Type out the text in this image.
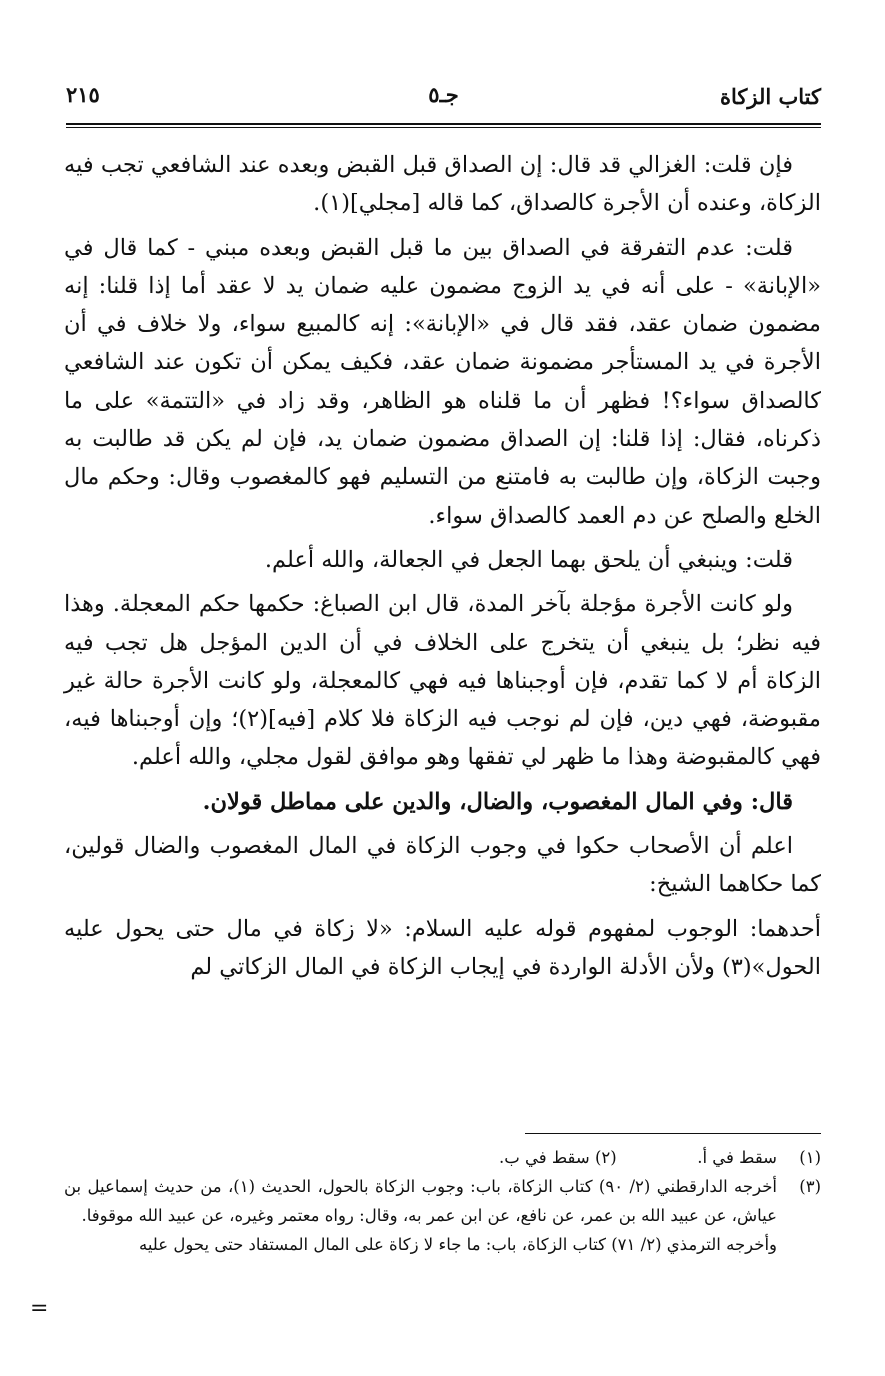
كتاب الزكاة
جـ٥
٢١٥

فإن قلت: الغزالي قد قال: إن الصداق قبل القبض وبعده عند الشافعي تجب فيه الزكاة، وعنده أن الأجرة كالصداق، كما قاله [مجلي](١).

قلت: عدم التفرقة في الصداق بين ما قبل القبض وبعده مبني - كما قال في «الإبانة» - على أنه في يد الزوج مضمون عليه ضمان يد لا عقد أما إذا قلنا: إنه مضمون ضمان عقد، فقد قال في «الإبانة»: إنه كالمبيع سواء، ولا خلاف في أن الأجرة في يد المستأجر مضمونة ضمان عقد، فكيف يمكن أن تكون عند الشافعي كالصداق سواء؟! فظهر أن ما قلناه هو الظاهر، وقد زاد في «التتمة» على ما ذكرناه، فقال: إذا قلنا: إن الصداق مضمون ضمان يد، فإن لم يكن قد طالبت به وجبت الزكاة، وإن طالبت به فامتنع من التسليم فهو كالمغصوب وقال: وحكم مال الخلع والصلح عن دم العمد كالصداق سواء.

قلت: وينبغي أن يلحق بهما الجعل في الجعالة، والله أعلم.

ولو كانت الأجرة مؤجلة بآخر المدة، قال ابن الصباغ: حكمها حكم المعجلة. وهذا فيه نظر؛ بل ينبغي أن يتخرج على الخلاف في أن الدين المؤجل هل تجب فيه الزكاة أم لا كما تقدم، فإن أوجبناها فيه فهي كالمعجلة، ولو كانت الأجرة حالة غير مقبوضة، فهي دين، فإن لم نوجب فيه الزكاة فلا كلام [فيه](٢)؛ وإن أوجبناها فيه، فهي كالمقبوضة وهذا ما ظهر لي تفقها وهو موافق لقول مجلي، والله أعلم.

قال: وفي المال المغصوب، والضال، والدين على مماطل قولان.

اعلم أن الأصحاب حكوا في وجوب الزكاة في المال المغصوب والضال قولين، كما حكاهما الشيخ:

أحدهما: الوجوب لمفهوم قوله عليه السلام: «لا زكاة في مال حتى يحول عليه الحول»(٣) ولأن الأدلة الواردة في إيجاب الزكاة في المال الزكاتي لم

(١)
سقط في أ.  (٢) سقط في ب.
(٣)
أخرجه الدارقطني (٢/ ٩٠) كتاب الزكاة، باب: وجوب الزكاة بالحول، الحديث (١)، من حديث إسماعيل بن عياش، عن عبيد الله بن عمر، عن نافع، عن ابن عمر به، وقال: رواه معتمر وغيره، عن عبيد الله موقوفا.
وأخرجه الترمذي (٢/ ٧١) كتاب الزكاة، باب: ما جاء لا زكاة على المال المستفاد حتى يحول عليه
=
